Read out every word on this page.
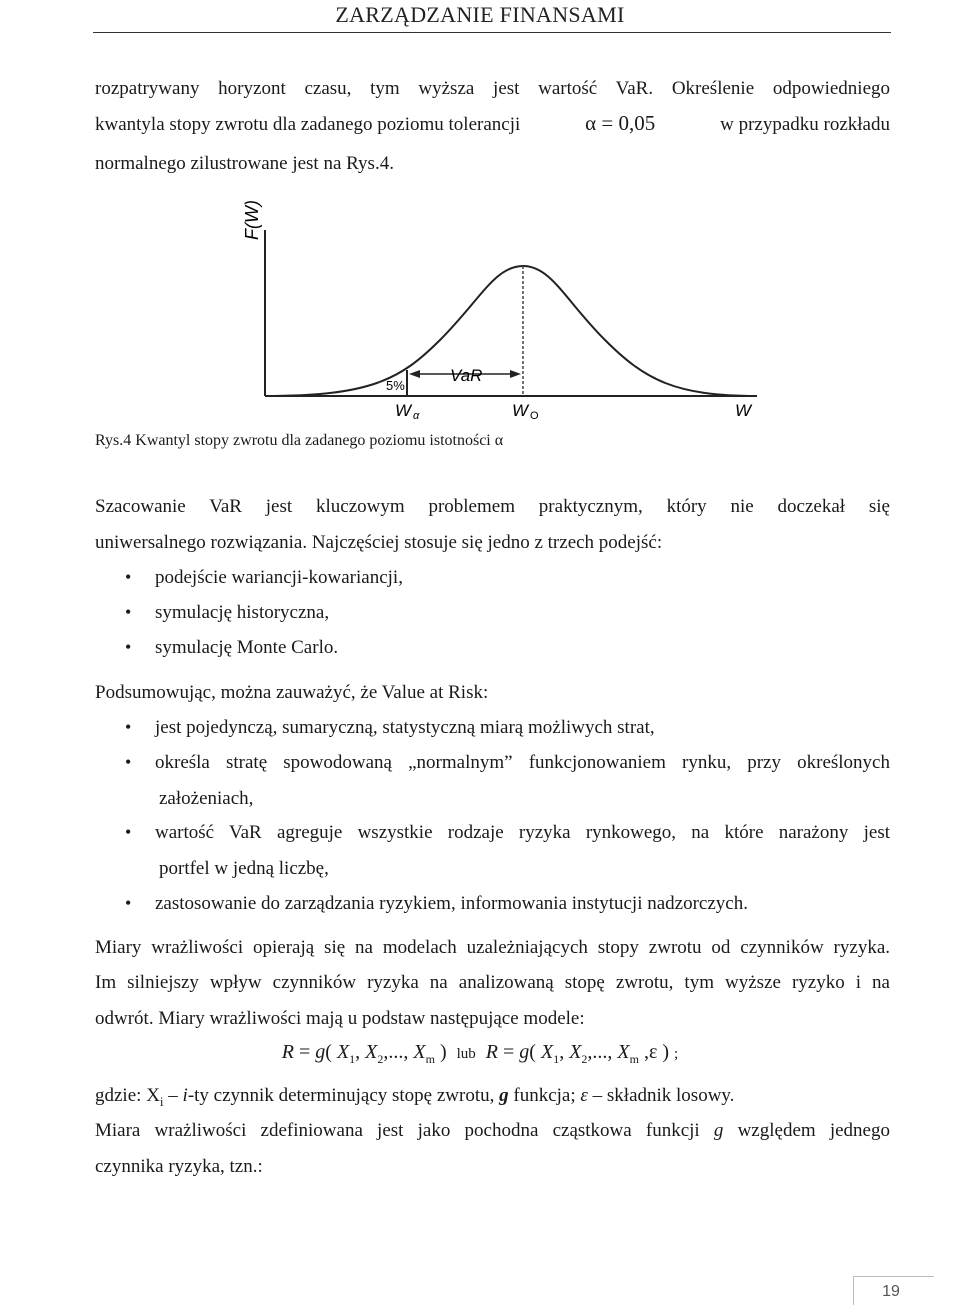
ZARZĄDZANIE FINANSAMI
rozpatrywany horyzont czasu, tym wyższa jest wartość VaR. Określenie odpowiedniego
kwantyla stopy zwrotu dla zadanego poziomu tolerancji	α = 0,05	w przypadku rozkładu
normalnego zilustrowane jest na Rys.4.
F(W)
5%
VaR
Wα	W O	W
Rys.4 Kwantyl stopy zwrotu dla zadanego poziomu istotności α
Szacowanie VaR jest kluczowym problemem praktycznym, który nie doczekał się
uniwersalnego rozwiązania. Najczęściej stosuje się jedno z trzech podejść:
• podejście wariancji-kowariancji,
• symulację historyczna,
• symulację Monte Carlo.
Podsumowując, można zauważyć, że Value at Risk:
• jest pojedynczą, sumaryczną, statystyczną miarą możliwych strat,
• określa stratę spowodowaną „normalnym” funkcjonowaniem rynku, przy określonych
założeniach,
• wartość VaR agreguje wszystkie rodzaje ryzyka rynkowego, na które narażony jest
portfel w jedną liczbę,
• zastosowanie do zarządzania ryzykiem, informowania instytucji nadzorczych.
Miary wrażliwości opierają się na modelach uzależniających stopy zwrotu od czynników ryzyka.
Im silniejszy wpływ czynników ryzyka na analizowaną stopę zwrotu, tym wyższe ryzyko i na
odwrót. Miary wrażliwości mają u podstaw następujące modele:
R = g( $X_1$, $X_2$,..., $X_m$ )  lub R = g( $X_1$, $X_2$,..., $X_m$ ,ε ) ;
gdzie: $X_i - i-ty$ czynnik determinujący stopę zwrotu, g funkcja; ε – składnik losowy.
Miara wrażliwości zdefiniowana jest jako pochodna cząstkowa funkcji g względem jednego
czynnika ryzyka, tzn.:
19
